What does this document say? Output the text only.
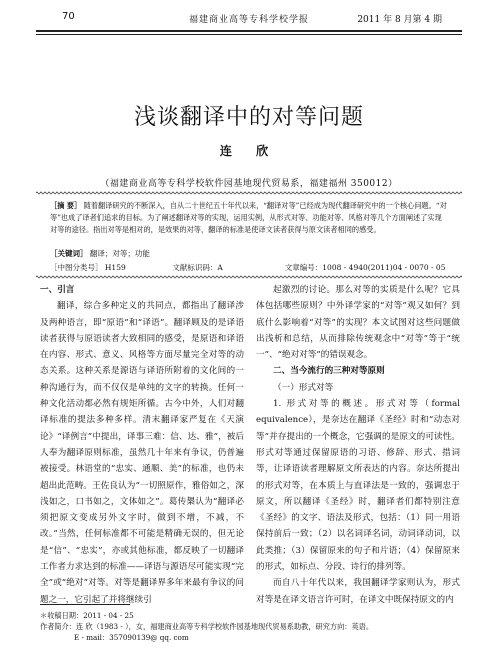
70	福建商业高等专科学校学报	2011 年 8 月第 4 期
浅谈翻译中的对等问题
连 欣
（福建商业高等专科学校软件园基地现代贸易系，福建福州 350012）
［摘 要］ 随着翻译研究的不断深入，自从二十世纪五十年代以来，“翻译对等”已经成为现代翻译研究中的一个核心问题。“对等”也成了译者们追求的目标。为了阐述翻译对等的实现，运用实例，从形式对等、功能对等、风格对等几个方面阐述了实现对等的途径。指出对等是相对的，是效果的对等，翻译的标准是使译文读者获得与原文读者相同的感受。
［关键词］ 翻译；对等；功能
［中图分类号］ H159	文献标识码：A	文章编号：1008 - 4940(2011)04 - 0070 - 05

一、引言

翻译，综合多种定义的共同点，都指出了翻译涉及两种语言，即“原语”和“译语”。翻译顾及的是译语读者获得与原语读者大致相同的感受，是原语和译语在内容、形式、意义、风格等方面尽量完全对等的动态关系。这种关系是源语与译语所附着的文化间的一种沟通行为，而不仅仅是单纯的文字的转换。任何一种文化活动都必然有规矩所循。古今中外，人们对翻译标准的提法多种多样。清末翻译家严复在《天演论》“译例言”中提出，译事三难：信、达、雅”，被后人奉为翻译原则标准，虽然几十年来有争议，仍普遍被接受。林语堂的“忠实、通顺、美”的标准，也仍未超出此范畴。王佐良认为“一切照原作，雅俗如之，深浅如之，口书如之，文体如之”。葛传槼认为“翻译必须把原文变成另外文字时，做到不增，不减，不改。”当然，任何标准都不可能是精确无误的，但无论是“信”、“忠实”，亦或其他标准，都反映了一切翻译工作者力求达到的标准——译语与源语尽可能实现“完全”或“绝对”对等。对等是翻译界多年来最有争议的问题之一，它引起了并将继续引

起激烈的讨论。那么对等的实质是什么呢？它具体包括哪些原则？中外译学家的“对等”观又如何？到底什么影响着“对等”的实现？本文试图对这些问题做出浅析和总结，从而排除传统观念中“对等”等于“统一”、“绝对对等”的错误观念。

二、当今流行的三种对等原则

（一）形式对等

1. 形式对等的概述。形式对等（formal equivalence），是奈达在翻译《圣经》时和“动态对等”并存提出的一个概念，它强调的是原文的可读性。形式对等通过保留原语的习语、修辞、形式、措词等，让译语读者理解原文所表达的内容。奈达所提出的形式对等，在本质上与直译法是一致的，强调忠于原文，所以翻译《圣经》时，翻译者们都特别注意《圣经》的文字、语法及形式，包括：（1）同一用语保持前后一致；（2）以名词译名词，动词译动词，以此类推；（3）保留原来的句子和片语；（4）保留原来的形式，如标点、分段、诗行的排列等。

而自八十年代以来，我国翻译学家则认为，形式对等是在译文语言许可时，在译文中既保持原文的内

＊收稿日期：2011 - 04 - 25
作者简介：连 欣（1983 - ），女，福建商业高等专科学校软件园基地现代贸易系助教，研究方向：英语。
E - mail：357090139@ qq. com
